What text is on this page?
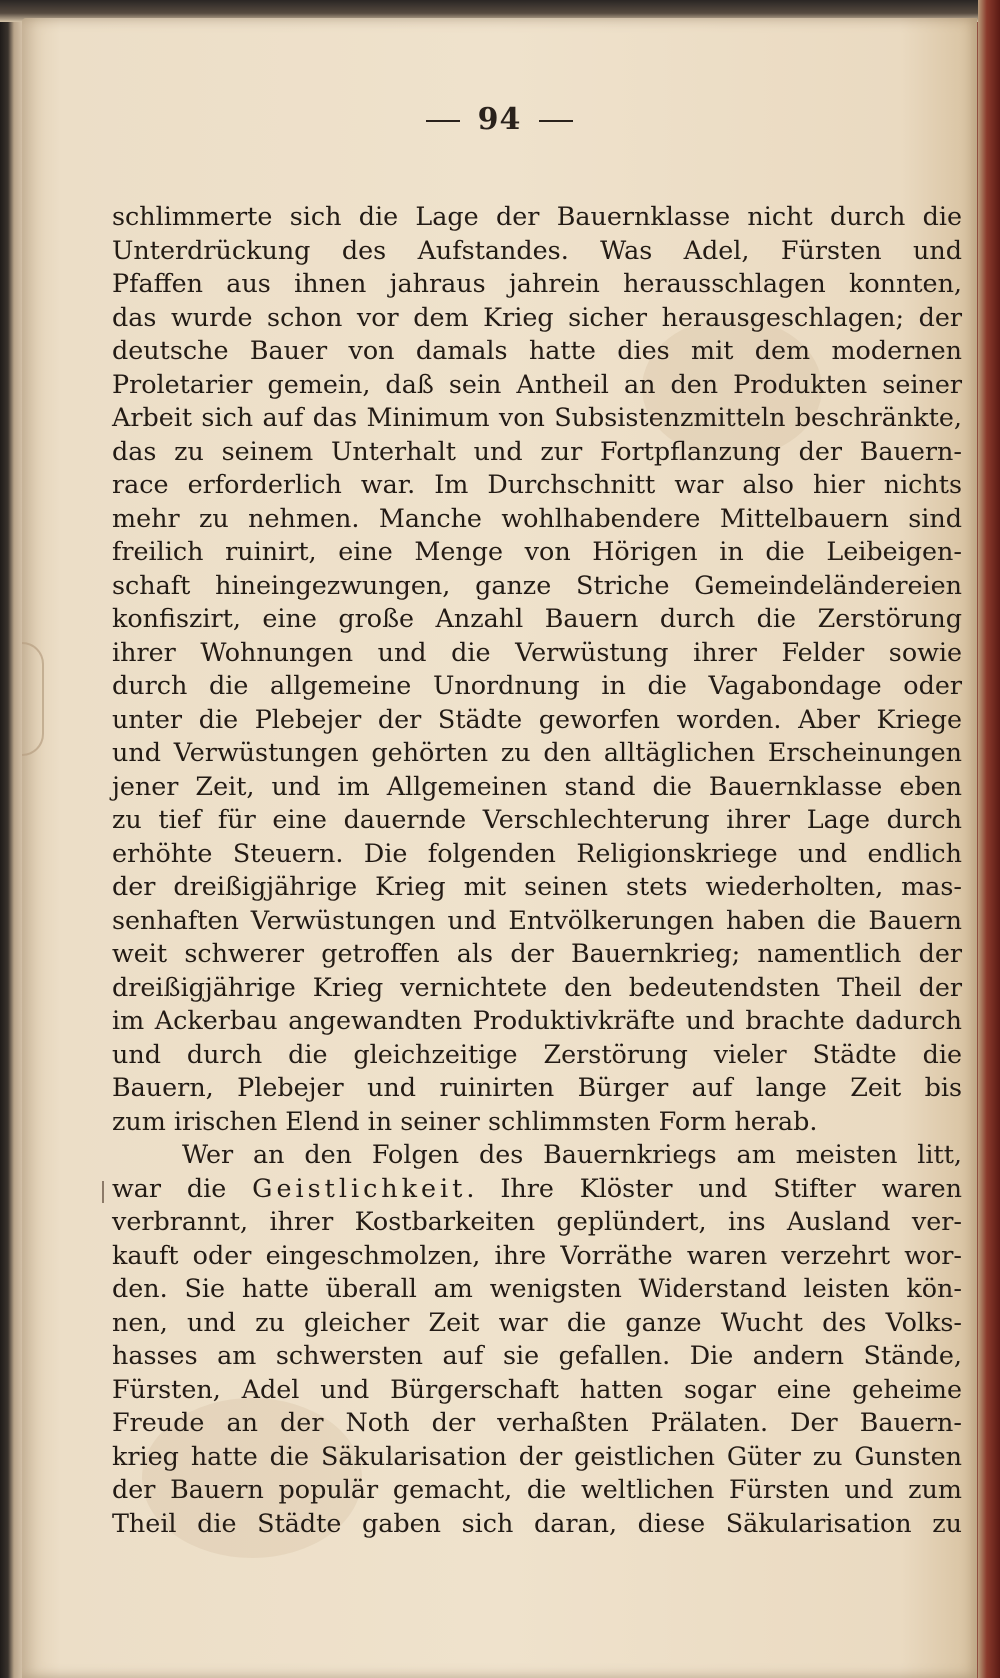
94
schlimmerte sich die Lage der Bauernklasse nicht durch die
Unterdrückung des Aufstandes. Was Adel, Fürsten und
Pfaffen aus ihnen jahraus jahrein herausschlagen konnten,
das wurde schon vor dem Krieg sicher herausgeschlagen; der
deutsche Bauer von damals hatte dies mit dem modernen
Proletarier gemein, daß sein Antheil an den Produkten seiner
Arbeit sich auf das Minimum von Subsistenzmitteln beschränkte,
das zu seinem Unterhalt und zur Fortpflanzung der Bauern-
race erforderlich war. Im Durchschnitt war also hier nichts
mehr zu nehmen. Manche wohlhabendere Mittelbauern sind
freilich ruinirt, eine Menge von Hörigen in die Leibeigen-
schaft hineingezwungen, ganze Striche Gemeindeländereien
konfiszirt, eine große Anzahl Bauern durch die Zerstörung
ihrer Wohnungen und die Verwüstung ihrer Felder sowie
durch die allgemeine Unordnung in die Vagabondage oder
unter die Plebejer der Städte geworfen worden. Aber Kriege
und Verwüstungen gehörten zu den alltäglichen Erscheinungen
jener Zeit, und im Allgemeinen stand die Bauernklasse eben
zu tief für eine dauernde Verschlechterung ihrer Lage durch
erhöhte Steuern. Die folgenden Religionskriege und endlich
der dreißigjährige Krieg mit seinen stets wiederholten, mas-
senhaften Verwüstungen und Entvölkerungen haben die Bauern
weit schwerer getroffen als der Bauernkrieg; namentlich der
dreißigjährige Krieg vernichtete den bedeutendsten Theil der
im Ackerbau angewandten Produktivkräfte und brachte dadurch
und durch die gleichzeitige Zerstörung vieler Städte die
Bauern, Plebejer und ruinirten Bürger auf lange Zeit bis
zum irischen Elend in seiner schlimmsten Form herab.
Wer an den Folgen des Bauernkriegs am meisten litt,
war die Geistlichkeit. Ihre Klöster und Stifter waren
verbrannt, ihrer Kostbarkeiten geplündert, ins Ausland ver-
kauft oder eingeschmolzen, ihre Vorräthe waren verzehrt wor-
den. Sie hatte überall am wenigsten Widerstand leisten kön-
nen, und zu gleicher Zeit war die ganze Wucht des Volks-
hasses am schwersten auf sie gefallen. Die andern Stände,
Fürsten, Adel und Bürgerschaft hatten sogar eine geheime
Freude an der Noth der verhaßten Prälaten. Der Bauern-
krieg hatte die Säkularisation der geistlichen Güter zu Gunsten
der Bauern populär gemacht, die weltlichen Fürsten und zum
Theil die Städte gaben sich daran, diese Säkularisation zu
